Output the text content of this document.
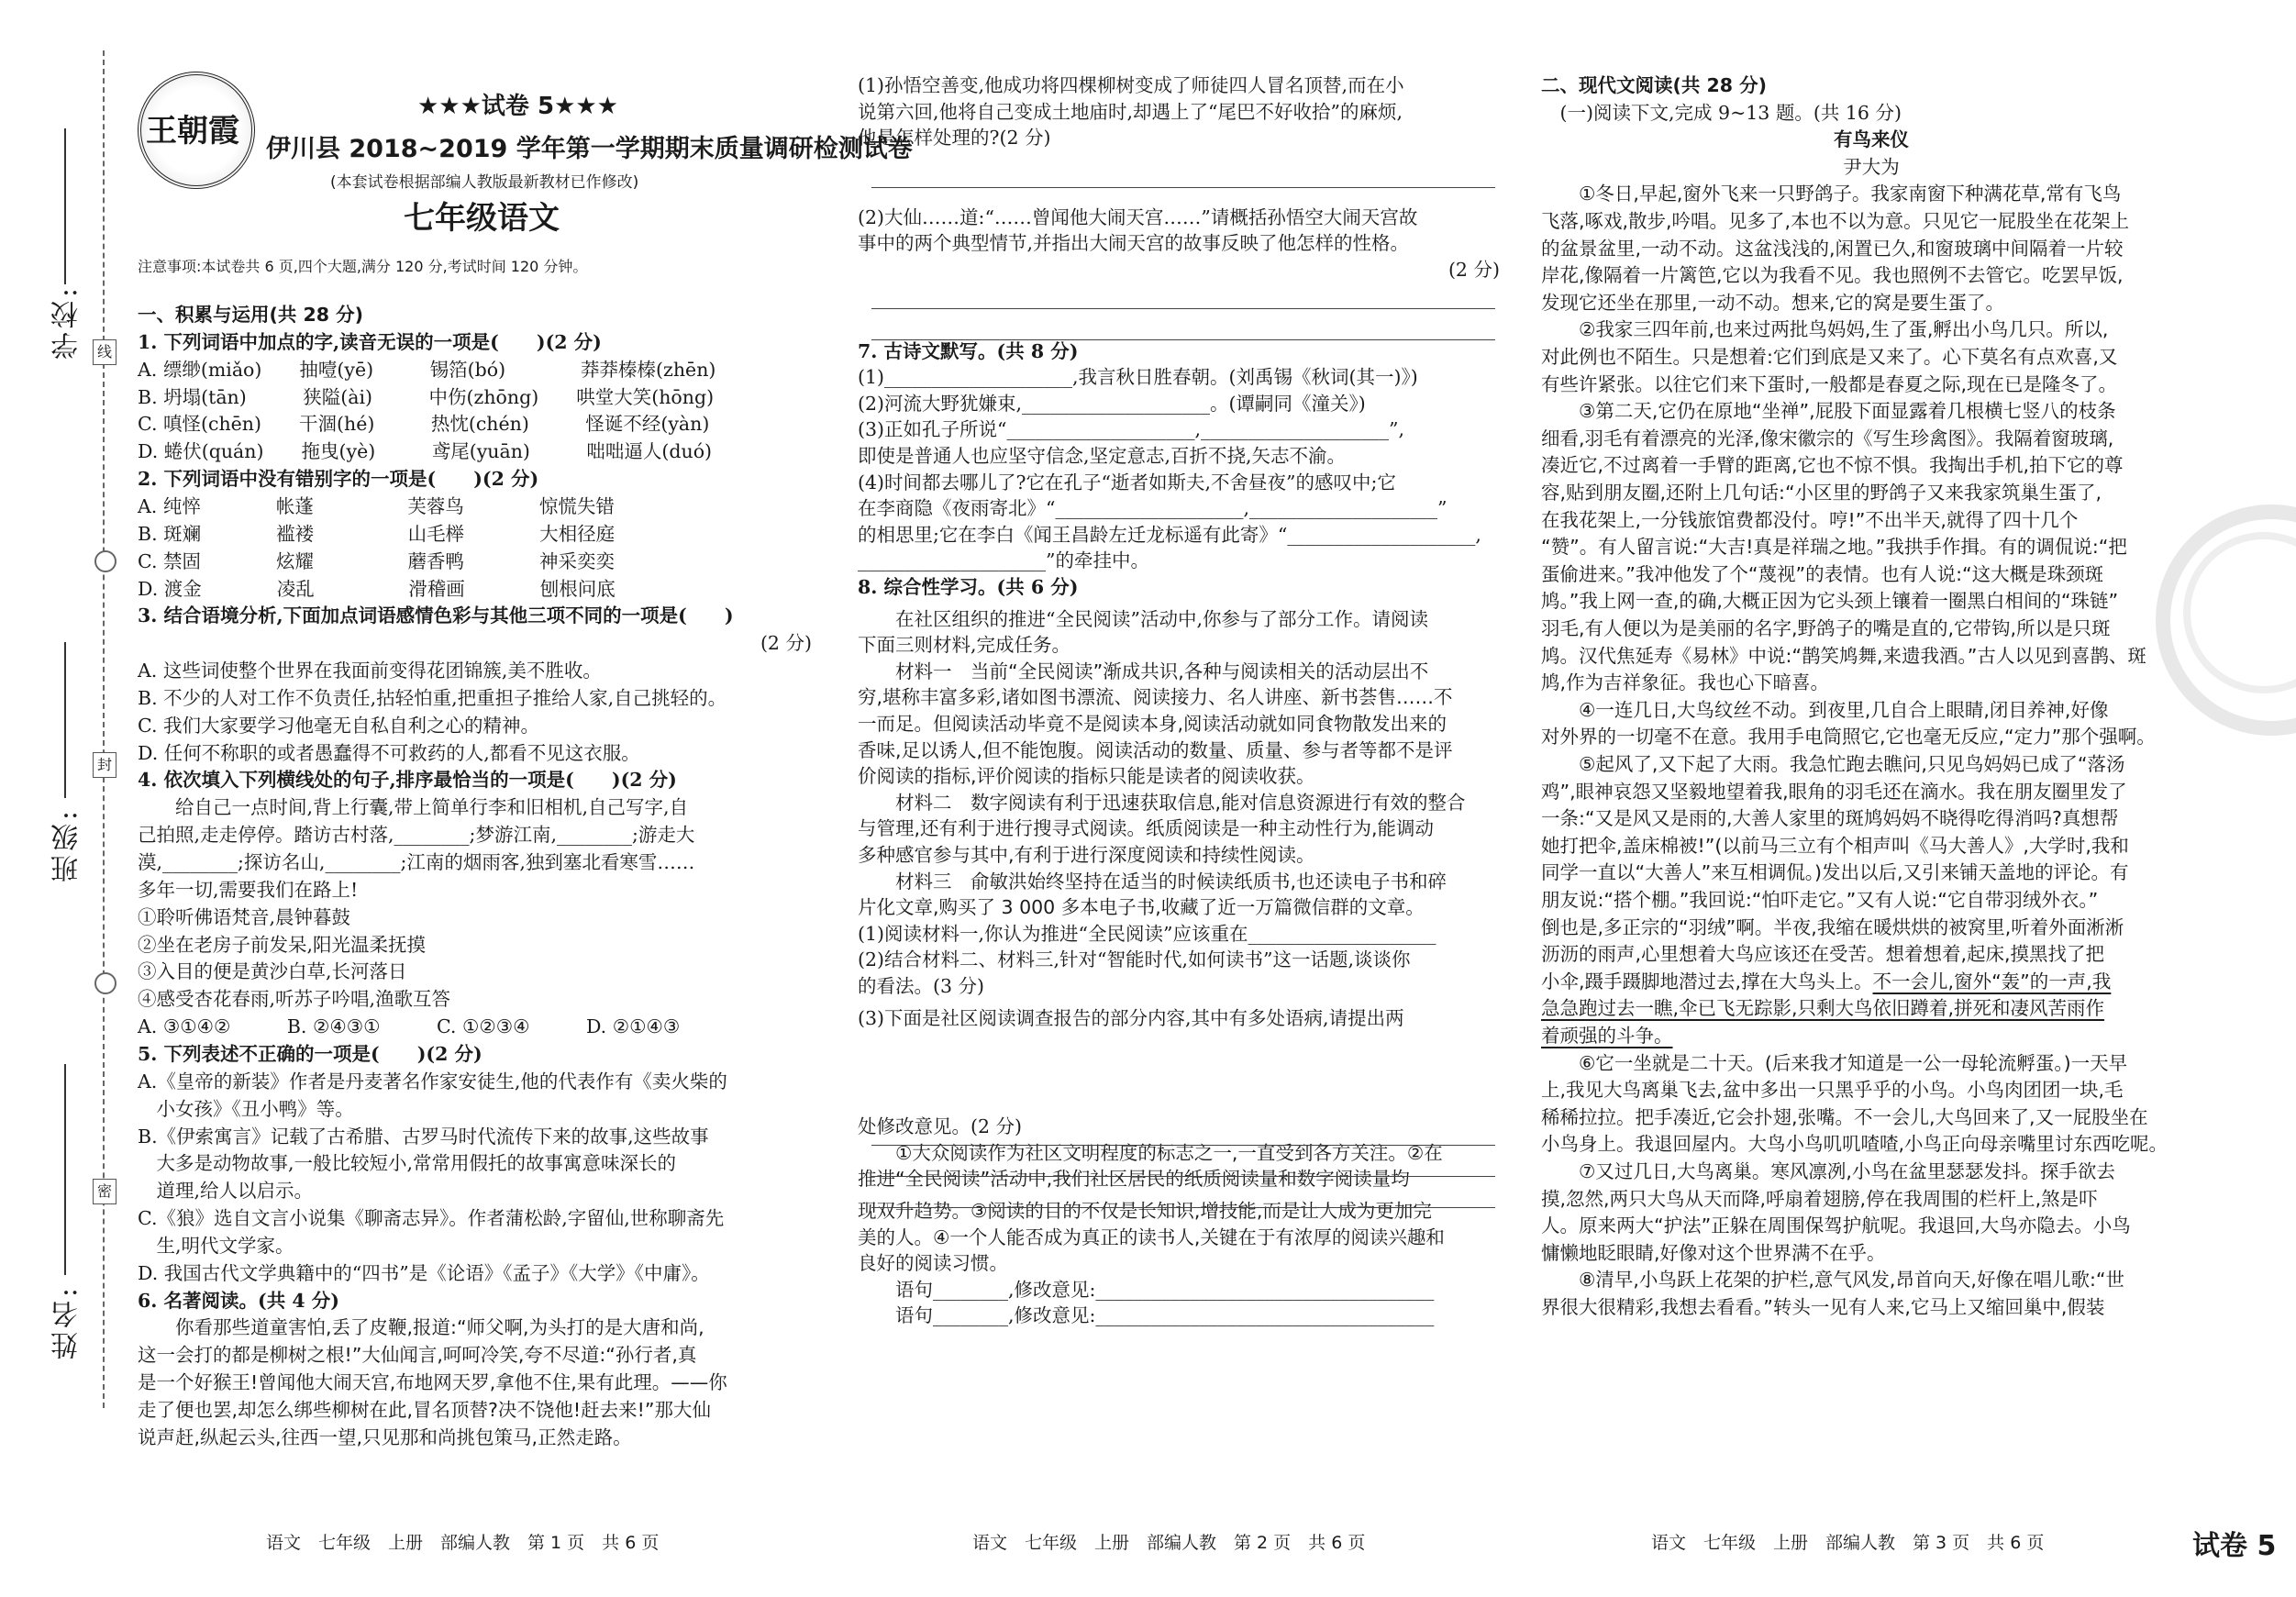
学校:
班级:
姓名:
线
封
密
王朝霞
★★★试卷 5★★★
伊川县 2018~2019 学年第一学期期末质量调研检测试卷
(本套试卷根据部编人教版最新教材已作修改)
七年级语文
注意事项:本试卷共 6 页,四个大题,满分 120 分,考试时间 120 分钟。
一、积累与运用(共 28 分)
1. 下列词语中加点的字,读音无误的一项是(　　)(2 分)
A. 缥缈(miǎo)　　抽噎(yē)　　　锡箔(bó)　　　　莽莽榛榛(zhēn)
B. 坍塌(tān)　　　狭隘(ài)　　　中伤(zhōng)　　哄堂大笑(hōng)
C. 嗔怪(chēn)　　干涸(hé)　　　热忱(chén)　　　怪诞不经(yàn)
D. 蜷伏(quán)　　拖曳(yè)　　　鸢尾(yuān)　　　咄咄逼人(duó)
2. 下列词语中没有错别字的一项是(　　)(2 分)
A. 纯悴　　　　帐蓬　　　　　芙蓉鸟　　　　惊慌失错
B. 斑斓　　　　褴褛　　　　　山毛榉　　　　大相径庭
C. 禁固　　　　炫耀　　　　　蘑香鸭　　　　神采奕奕
D. 渡金　　　　凌乱　　　　　滑稽画　　　　刨根问底
3. 结合语境分析,下面加点词语感情色彩与其他三项不同的一项是(　　)
(2 分)
A. 这些词使整个世界在我面前变得花团锦簇,美不胜收。
B. 不少的人对工作不负责任,拈轻怕重,把重担子推给人家,自己挑轻的。
C. 我们大家要学习他毫无自私自利之心的精神。
D. 任何不称职的或者愚蠢得不可救药的人,都看不见这衣服。
4. 依次填入下列横线处的句子,排序最恰当的一项是(　　)(2 分)
　　给自己一点时间,背上行囊,带上简单行李和旧相机,自己写字,自
己拍照,走走停停。踏访古村落,________;梦游江南,________;游走大
漠,________;探访名山,________;江南的烟雨客,独到塞北看寒雪……
多年一切,需要我们在路上!
①聆听佛语梵音,晨钟暮鼓
②坐在老房子前发呆,阳光温柔抚摸
③入目的便是黄沙白草,长河落日
④感受杏花春雨,听苏子吟唱,渔歌互答
A. ③①④②　　　B. ②④③①　　　C. ①②③④　　　D. ②①④③
5. 下列表述不正确的一项是(　　)(2 分)
A.《皇帝的新装》作者是丹麦著名作家安徒生,他的代表作有《卖火柴的
　小女孩》《丑小鸭》等。
B.《伊索寓言》记载了古希腊、古罗马时代流传下来的故事,这些故事
　大多是动物故事,一般比较短小,常常用假托的故事寓意味深长的
　道理,给人以启示。
C.《狼》选自文言小说集《聊斋志异》。作者蒲松龄,字留仙,世称聊斋先
　生,明代文学家。
D. 我国古代文学典籍中的“四书”是《论语》《孟子》《大学》《中庸》。
6. 名著阅读。(共 4 分)
　　你看那些道童害怕,丢了皮鞭,报道:“师父啊,为头打的是大唐和尚,
这一会打的都是柳树之根!”大仙闻言,呵呵冷笑,夸不尽道:“孙行者,真
是一个好猴王!曾闻他大闹天宫,布地网天罗,拿他不住,果有此理。——你
走了便也罢,却怎么绑些柳树在此,冒名顶替?决不饶他!赶去来!”那大仙
说声赶,纵起云头,往西一望,只见那和尚挑包策马,正然走路。
(1)孙悟空善变,他成功将四棵柳树变成了师徒四人冒名顶替,而在小
说第六回,他将自己变成土地庙时,却遇上了“尾巴不好收拾”的麻烦,
他是怎样处理的?(2 分)
(2)大仙……道:“……曾闻他大闹天宫……”请概括孙悟空大闹天宫故
事中的两个典型情节,并指出大闹天宫的故事反映了他怎样的性格。
(2 分)
7. 古诗文默写。(共 8 分)
(1)____________________,我言秋日胜春朝。(刘禹锡《秋词(其一)》)
(2)河流大野犹嫌束,____________________。(谭嗣同《潼关》)
(3)正如孔子所说“____________________,____________________”,
即使是普通人也应坚守信念,坚定意志,百折不挠,矢志不渝。
(4)时间都去哪儿了?它在孔子“逝者如斯夫,不舍昼夜”的感叹中;它
在李商隐《夜雨寄北》“____________________,____________________”
的相思里;它在李白《闻王昌龄左迁龙标遥有此寄》“____________________,
____________________”的牵挂中。
8. 综合性学习。(共 6 分)
　　在社区组织的推进“全民阅读”活动中,你参与了部分工作。请阅读
下面三则材料,完成任务。
　　材料一　当前“全民阅读”渐成共识,各种与阅读相关的活动层出不
穷,堪称丰富多彩,诸如图书漂流、阅读接力、名人讲座、新书荟售……不
一而足。但阅读活动毕竟不是阅读本身,阅读活动就如同食物散发出来的
香味,足以诱人,但不能饱腹。阅读活动的数量、质量、参与者等都不是评
价阅读的指标,评价阅读的指标只能是读者的阅读收获。
　　材料二　数字阅读有利于迅速获取信息,能对信息资源进行有效的整合
与管理,还有利于进行搜寻式阅读。纸质阅读是一种主动性行为,能调动
多种感官参与其中,有利于进行深度阅读和持续性阅读。
　　材料三　俞敏洪始终坚持在适当的时候读纸质书,也还读电子书和碎
片化文章,购买了 3 000 多本电子书,收藏了近一万篇微信群的文章。
(1)阅读材料一,你认为推进“全民阅读”应该重在____________________
(2)结合材料二、材料三,针对“智能时代,如何读书”这一话题,谈谈你
的看法。(3 分)
(3)下面是社区阅读调查报告的部分内容,其中有多处语病,请提出两
处修改意见。(2 分)
　　①大众阅读作为社区文明程度的标志之一,一直受到各方关注。②在
推进“全民阅读”活动中,我们社区居民的纸质阅读量和数字阅读量均
现双升趋势。③阅读的目的不仅是长知识,增技能,而是让人成为更加完
美的人。④一个人能否成为真正的读书人,关键在于有浓厚的阅读兴趣和
良好的阅读习惯。
　　语句________,修改意见:____________________________________
　　语句________,修改意见:____________________________________
二、现代文阅读(共 28 分)
　(一)阅读下文,完成 9~13 题。(共 16 分)
有鸟来仪
尹大为
　　①冬日,早起,窗外飞来一只野鸽子。我家南窗下种满花草,常有飞鸟
飞落,啄戏,散步,吟唱。见多了,本也不以为意。只见它一屁股坐在花架上
的盆景盆里,一动不动。这盆浅浅的,闲置已久,和窗玻璃中间隔着一片较
岸花,像隔着一片篱笆,它以为我看不见。我也照例不去管它。吃罢早饭,
发现它还坐在那里,一动不动。想来,它的窝是要生蛋了。
　　②我家三四年前,也来过两批鸟妈妈,生了蛋,孵出小鸟几只。所以,
对此例也不陌生。只是想着:它们到底是又来了。心下莫名有点欢喜,又
有些许紧张。以往它们来下蛋时,一般都是春夏之际,现在已是隆冬了。
　　③第二天,它仍在原地“坐禅”,屁股下面显露着几根横七竖八的枝条
细看,羽毛有着漂亮的光泽,像宋徽宗的《写生珍禽图》。我隔着窗玻璃,
凑近它,不过离着一手臂的距离,它也不惊不惧。我掏出手机,拍下它的尊
容,贴到朋友圈,还附上几句话:“小区里的野鸽子又来我家筑巢生蛋了,
在我花架上,一分钱旅馆费都没付。哼!”不出半天,就得了四十几个
“赞”。有人留言说:“大吉!真是祥瑞之地。”我拱手作揖。有的调侃说:“把
蛋偷进来。”我冲他发了个“蔑视”的表情。也有人说:“这大概是珠颈斑
鸠。”我上网一查,的确,大概正因为它头颈上镶着一圈黑白相间的“珠链”
羽毛,有人便以为是美丽的名字,野鸽子的嘴是直的,它带钩,所以是只斑
鸠。汉代焦延寿《易林》中说:“鹊笑鸠舞,来遗我酒。”古人以见到喜鹊、斑
鸠,作为吉祥象征。我也心下暗喜。
　　④一连几日,大鸟纹丝不动。到夜里,几自合上眼睛,闭目养神,好像
对外界的一切毫不在意。我用手电筒照它,它也毫无反应,“定力”那个强啊。
　　⑤起风了,又下起了大雨。我急忙跑去瞧问,只见鸟妈妈已成了“落汤
鸡”,眼神哀怨又坚毅地望着我,眼角的羽毛还在滴水。我在朋友圈里发了
一条:“又是风又是雨的,大善人家里的斑鸠妈妈不晓得吃得消吗?真想帮
她打把伞,盖床棉被!”(以前马三立有个相声叫《马大善人》,大学时,我和
同学一直以“大善人”来互相调侃。)发出以后,又引来铺天盖地的评论。有
朋友说:“搭个棚。”我回说:“怕吓走它。”又有人说:“它自带羽绒外衣。”
倒也是,多正宗的“羽绒”啊。半夜,我缩在暖烘烘的被窝里,听着外面淅淅
沥沥的雨声,心里想着大鸟应该还在受苦。想着想着,起床,摸黑找了把
小伞,蹑手蹑脚地潜过去,撑在大鸟头上。不一会儿,窗外“轰”的一声,我
急急跑过去一瞧,伞已飞无踪影,只剩大鸟依旧蹲着,拼死和凄风苦雨作
着顽强的斗争。
　　⑥它一坐就是二十天。(后来我才知道是一公一母轮流孵蛋。)一天早
上,我见大鸟离巢飞去,盆中多出一只黑乎乎的小鸟。小鸟肉团团一块,毛
稀稀拉拉。把手凑近,它会扑翅,张嘴。不一会儿,大鸟回来了,又一屁股坐在
小鸟身上。我退回屋内。大鸟小鸟叽叽喳喳,小鸟正向母亲嘴里讨东西吃呢。
　　⑦又过几日,大鸟离巢。寒风凛冽,小鸟在盆里瑟瑟发抖。探手欲去
摸,忽然,两只大鸟从天而降,呼扇着翅膀,停在我周围的栏杆上,煞是吓
人。原来两大“护法”正躲在周围保驾护航呢。我退回,大鸟亦隐去。小鸟
慵懒地眨眼睛,好像对这个世界满不在乎。
　　⑧清早,小鸟跃上花架的护栏,意气风发,昂首向天,好像在唱儿歌:“世
界很大很精彩,我想去看看。”转头一见有人来,它马上又缩回巢中,假装
语文　七年级　上册　部编人教　第 1 页　共 6 页	语文　七年级　上册　部编人教　第 2 页　共 6 页	语文　七年级　上册　部编人教　第 3 页　共 6 页	试卷 5
